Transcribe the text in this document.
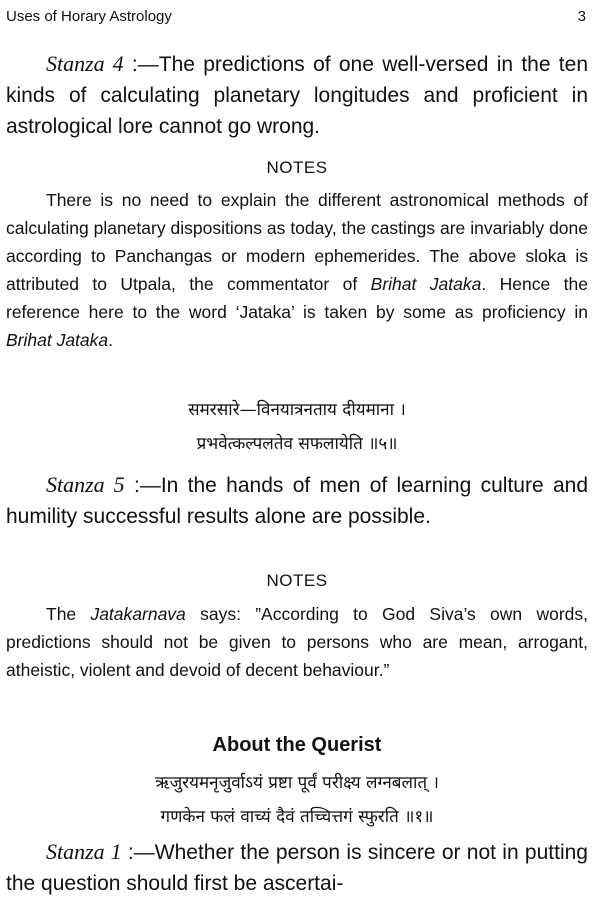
Uses of Horary Astrology	3

Stanza 4 :—The predictions of one well-versed in the ten kinds of calculating planetary longitudes and proficient in astrological lore cannot go wrong.

NOTES

There is no need to explain the different astronomical methods of calculating planetary dispositions as today, the castings are invariably done according to Panchangas or modern ephemerides. The above sloka is attributed to Utpala, the commentator of Brihat Jataka. Hence the reference here to the word ‘Jataka’ is taken by some as proficiency in Brihat Jataka.

समरसारे—विनयात्रनताय दीयमाना ।
प्रभवेत्कल्पलतेव सफलायेति ॥५॥

Stanza 5 :—In the hands of men of learning culture and humility successful results alone are possible.

NOTES

The Jatakarnava says: ”According to God Siva’s own words, predictions should not be given to persons who are mean, arrogant, atheistic, violent and devoid of decent behaviour.”

About the Querist
ऋजुरयमनृजुर्वाऽयं प्रष्टा पूर्वं परीक्ष्य लग्नबलात् ।
गणकेन फलं वाच्यं दैवं तच्चित्तगं स्फुरति ॥१॥

Stanza 1 :—Whether the person is sincere or not in putting the question should first be ascertai-
